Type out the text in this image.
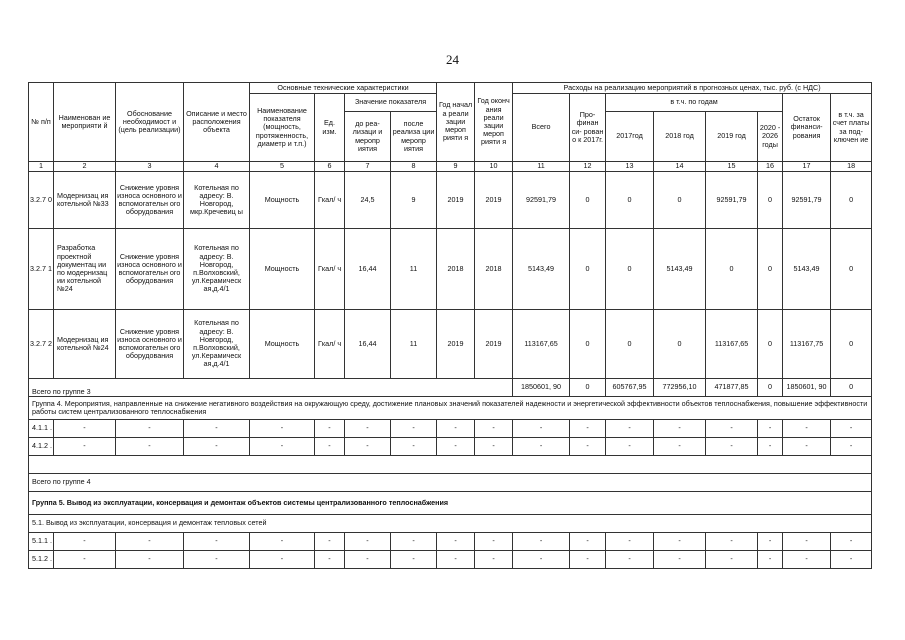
24
№ п/п	Наименован ие мероприяти й	Обоснование необходимост и (цель реализации)	Описание и место расположения объекта	Основные технические характеристики				Год начал а реали зации мероп рияти я	Год оконч ания реали зации мероп рияти я	Расходы на реализацию мероприятий в прогнозных ценах, тыс. руб. (с НДС)							
				Наименование показателя (мощность, протяженность, диаметр и т.п.)	Ед. изм.	Значение показателя				Всего	Про- финан си- рован о к 2017г.	в т.ч. по годам				Остаток финанси- рования	в т.ч. за счет платы за под- ключен ие
						до реа- лизаци и меропр иятия	после реализа ции меропр иятия					2017год	2018 год	2019 год	2020 - 2026 годы		
1	2	3	4	5	6	7	8	9	10	11	12	13	14	15	16	17	18
3.2.7 0	Модернизац ия котельной №33	Снижение уровня износа основного и вспомогательн ого оборудования	Котельная по адресу: В. Новгород, мкр.Кречевиц ы	Мощность	Гкал/ ч	24,5	9	2019	2019	92591,79	0	0	0	92591,79	0	92591,79	0
3.2.7 1	Разработка проектной документац ии по модернизац ии котельной №24	Снижение уровня износа основного и вспомогательн ого оборудования	Котельная по адресу: В. Новгород, п.Волховский, ул.Керамическ ая,д.4/1	Мощность	Гкал/ ч	16,44	11	2018	2018	5143,49	0	0	5143,49	0	0	5143,49	0
3.2.7 2	Модернизац ия котельной №24	Снижение уровня износа основного и вспомогательн ого оборудования	Котельная по адресу: В. Новгород, п.Волховский, ул.Керамическ ая,д.4/1	Мощность	Гкал/ ч	16,44	11	2019	2019	113167,65	0	0	0	113167,65	0	113167,75	0
Всего по группе 3										1850601, 90	0	605767,95	772956,10	471877,85	0	1850601, 90	0
Группа 4. Мероприятия, направленные на снижение негативного воздействия на окружающую среду, достижение плановых значений показателей надежности и энергетической эффективности объектов теплоснабжения, повышение эффективности работы систем централизованного теплоснабжения																	
4.1.1 .	-	-	-	-	-	-	-	-	-	-	-	-	-	-	-	-	-
4.1.2 .	-	-	-	-	-	-	-	-	-	-	-	-	-	-	-	-	-

Всего по группе 4																	
Группа 5. Вывод из эксплуатации, консервация и демонтаж объектов системы централизованного теплоснабжения																	
5.1. Вывод из эксплуатации, консервация и демонтаж тепловых сетей																	
5.1.1 .	-	-	-	-	-	-	-	-	-	-	-	-	-	-	-	-	-
5.1.2 .	-	-	-	-	-	-	-	-	-	-	-	-	-	-	-	-	-
